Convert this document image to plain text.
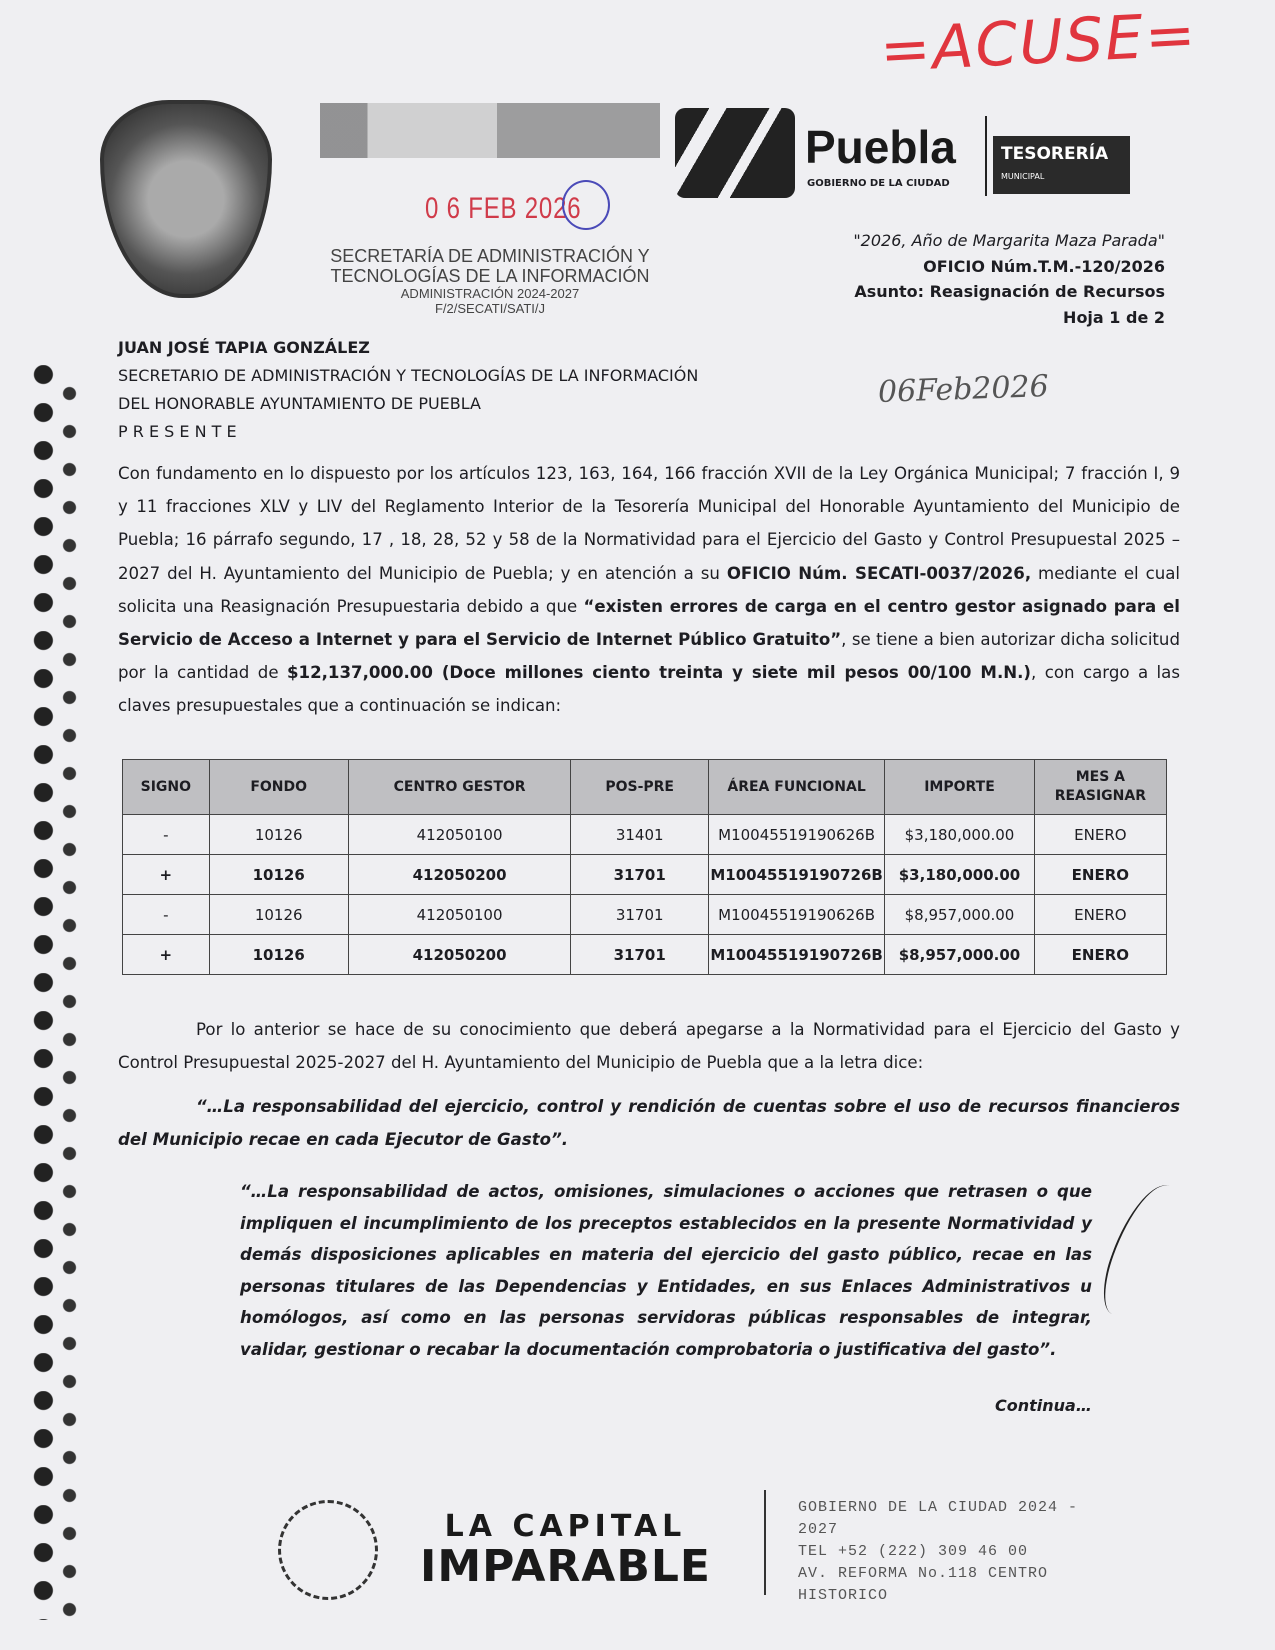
=ACUSE=
0 6 FEB 2026
SECRETARÍA DE ADMINISTRACIÓN Y
TECNOLOGÍAS DE LA INFORMACIÓN
ADMINISTRACIÓN 2024-2027
F/2/SECATI/SATI/J
Puebla
GOBIERNO DE LA CIUDAD
TESORERÍA
MUNICIPAL
"2026, Año de Margarita Maza Parada"
OFICIO Núm.T.M.-120/2026
Asunto: Reasignación de Recursos
Hoja 1 de 2
JUAN JOSÉ TAPIA GONZÁLEZ
SECRETARIO DE ADMINISTRACIÓN Y TECNOLOGÍAS DE LA INFORMACIÓN
DEL HONORABLE AYUNTAMIENTO DE PUEBLA
P R E S E N T E
06Feb2026
Con fundamento en lo dispuesto por los artículos 123, 163, 164, 166 fracción XVII de la Ley Orgánica Municipal; 7 fracción I, 9 y 11 fracciones XLV y LIV del Reglamento Interior de la Tesorería Municipal del Honorable Ayuntamiento del Municipio de Puebla; 16 párrafo segundo, 17 , 18, 28, 52 y 58 de la Normatividad para el Ejercicio del Gasto y Control Presupuestal 2025 – 2027 del H. Ayuntamiento del Municipio de Puebla; y en atención a su OFICIO Núm. SECATI-0037/2026, mediante el cual solicita una Reasignación Presupuestaria debido a que “existen errores de carga en el centro gestor asignado para el Servicio de Acceso a Internet y para el Servicio de Internet Público Gratuito”, se tiene a bien autorizar dicha solicitud por la cantidad de $12,137,000.00 (Doce millones ciento treinta y siete mil pesos 00/100 M.N.), con cargo a las claves presupuestales que a continuación se indican:
SIGNO	FONDO	CENTRO GESTOR	POS-PRE	ÁREA FUNCIONAL	IMPORTE	MES A REASIGNAR
-	10126	412050100	31401	M10045519190626B	$3,180,000.00	ENERO
+	10126	412050200	31701	M10045519190726B	$3,180,000.00	ENERO
-	10126	412050100	31701	M10045519190626B	$8,957,000.00	ENERO
+	10126	412050200	31701	M10045519190726B	$8,957,000.00	ENERO
Por lo anterior se hace de su conocimiento que deberá apegarse a la Normatividad para el Ejercicio del Gasto y Control Presupuestal 2025-2027 del H. Ayuntamiento del Municipio de Puebla que a la letra dice:
“…La responsabilidad del ejercicio, control y rendición de cuentas sobre el uso de recursos financieros del Municipio recae en cada Ejecutor de Gasto”.
“…La responsabilidad de actos, omisiones, simulaciones o acciones que retrasen o que impliquen el incumplimiento de los preceptos establecidos en la presente Normatividad y demás disposiciones aplicables en materia del ejercicio del gasto público, recae en las personas titulares de las Dependencias y Entidades, en sus Enlaces Administrativos u homólogos, así como en las personas servidoras públicas responsables de integrar, validar, gestionar o recabar la documentación comprobatoria o justificativa del gasto”.
Continua…
LA CAPITAL
IMPARABLE
GOBIERNO DE LA CIUDAD 2024 -
2027
TEL +52 (222) 309 46 00
AV. REFORMA No.118 CENTRO
HISTORICO
